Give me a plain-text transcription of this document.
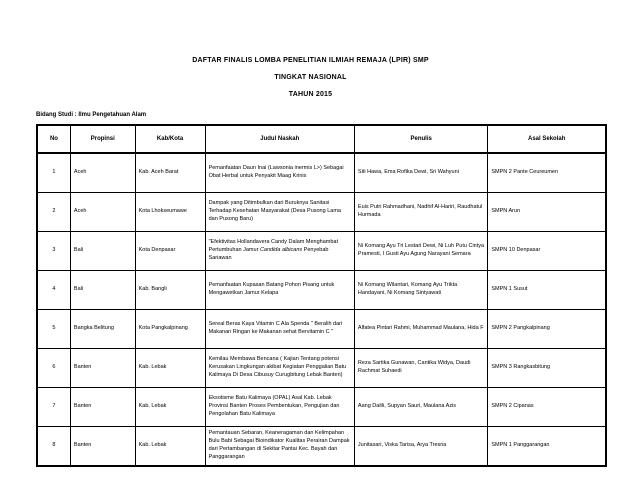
DAFTAR FINALIS LOMBA PENELITIAN ILMIAH REMAJA (LPIR) SMP
TINGKAT NASIONAL
TAHUN 2015
Bidang Studi : Ilmu Pengetahuan Alam
No	Propinsi	Kab/Kota	Judul Naskah	Penulis	Asal Sekolah
1	Aceh	Kab. Aceh Barat	Pemanfaatan Daun Inai (Lawsonia inermis L>) Sebagai Obat Herbal untuk Penyakit Maag Krinis	Siti Hawa, Ema Rofika Dewi, Sri Wahyuni	SMPN 2 Pante Ceureumen
2	Aceh	Kota Lhokseumawe	Dampak yang Ditimbulkan dari Buruknya Sanitasi Terhadap Kesehatan Masyarakat (Desa Pusong Lama dan Pusong Baru)	Euis Putri Rahmadhani, Nadhif Al-Hariri, Raudhatul Hurmada	SMPN Arun
3	Bali	Kota Denpasar	"Efektivitas Hollandavera Candy Dalam Menghambat Pertumbuhan Jamur Candida albicans Penyebab Sariawan	Ni Komang Ayu Tri Lestari Dewi, Ni Luh Putu Cintya Pramesti, I Gusti Ayu Agung Narayani Semara	SMPN 10 Denpasar
4	Bali	Kab. Bangli	Pemanfaatan Kupasan Batang Pohon Pisang untuk Mengawetkan Jamur Kelapa	Ni Komang Wilantari, Komang Ayu Trikta Handayani, Ni Komang Sintyawati	SMPN 1 Susut
5	Bangka Belitung	Kota Pangkalpinang	Sereal Beras Kaya Vitamin C Ala Spenda " Beralih dari Makanan Ringan ke Makanan sehat Bervitamin C "	Alfatea Pintari Rahmi, Muhammad Maulana, Hida F	SMPN 2 Pangkalpinang
6	Banten	Kab. Lebak	Kemilau Membawa Bencana ( Kajian Tentang potensi Kerusakan Lingkungan akibat Kegiatan Penggalian Batu Kalimaya Di Desa Cibusuy Curugbitung Lebak Banten)	Reza Sartika Gunawan, Cantika Widya, Daudi Rachmat Suhaedi	SMPN 3 Rangkasbitung
7	Banten	Kab. Lebak	Eksotisme Batu Kalimaya (OPAL) Asal Kab. Lebak Provinsi Banten Proses Pembentukan, Pengujian dan Pengolahan Batu Kalimaya	Aang Dalili, Supyan Sauri, Maulana Azis	SMPN 2 Cipanas
8	Banten	Kab. Lebak	Pemantauan Sebaran, Keaneragaman dan Kelimpahan Bulu Babi Sebagai Bioindikator Kualitas Perairan Dampak dari Pertambangan di Sekitar Pantai Kec. Bayah dan Panggarangan	Junitasari, Viska Tarisa, Arya Tresna	SMPN 1 Panggarangan
